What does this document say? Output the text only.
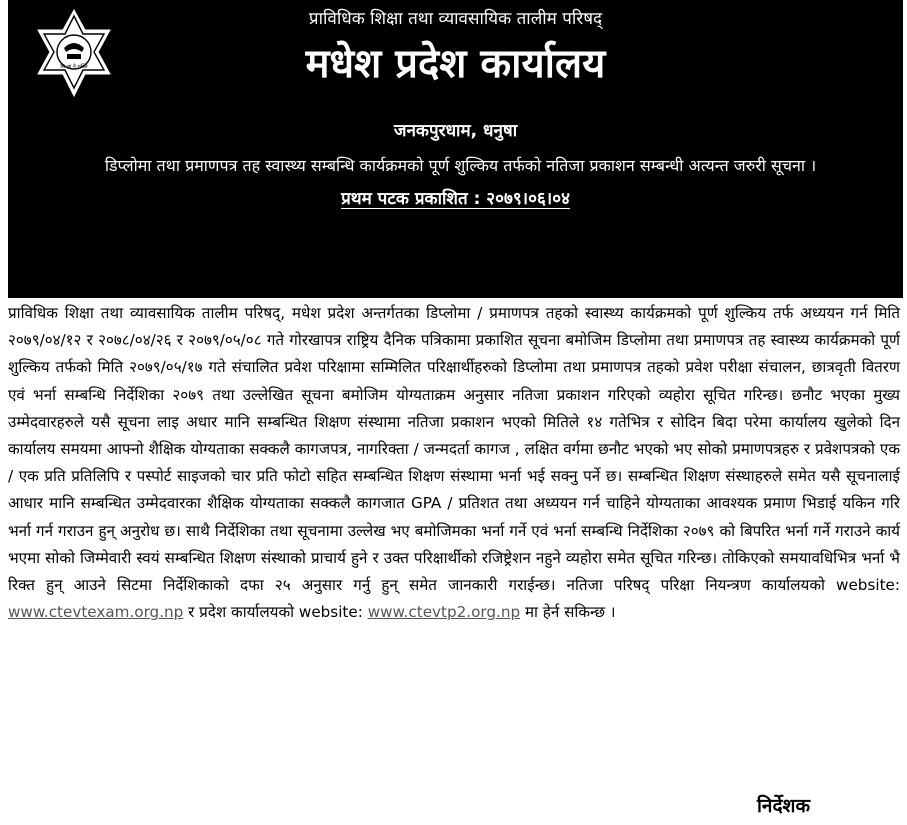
सि क्षा नै शक्ति
प्राविधिक शिक्षा तथा व्यावसायिक तालीम परिषद्
मधेश प्रदेश कार्यालय
जनकपुरधाम, धनुषा
डिप्लोमा तथा प्रमाणपत्र तह स्वास्थ्य सम्बन्धि कार्यक्रमको पूर्ण शुल्किय तर्फको नतिजा प्रकाशन सम्बन्धी अत्यन्त जरुरी सूचना ।
प्रथम पटक प्रकाशित : २०७९।०६।०४

प्राविधिक शिक्षा तथा व्यावसायिक तालीम परिषद्, मधेश प्रदेश अन्तर्गतका डिप्लोमा / प्रमाणपत्र तहको स्वास्थ्य कार्यक्रमको पूर्ण शुल्किय तर्फ अध्ययन गर्न मिति २०७९/०४/१२ र २०७८/०४/२६ र २०७९/०५/०८ गते गोरखापत्र राष्ट्रिय दैनिक पत्रिकामा प्रकाशित सूचना बमोजिम डिप्लोमा तथा प्रमाणपत्र तह स्वास्थ्य कार्यक्रमको पूर्ण शुल्किय तर्फको मिति २०७९/०५/१७ गते संचालित प्रवेश परिक्षामा सम्मिलित परिक्षार्थीहरुको डिप्लोमा तथा प्रमाणपत्र तहको प्रवेश परीक्षा संचालन, छात्रवृती वितरण एवं भर्ना सम्बन्धि निर्देशिका २०७९ तथा उल्लेखित सूचना बमोजिम योग्यताक्रम अनुसार नतिजा प्रकाशन गरिएको व्यहोरा सूचित गरिन्छ। छनौट भएका मुख्य उम्मेदवारहरुले यसै सूचना लाइ अधार मानि सम्बन्धित शिक्षण संस्थामा नतिजा प्रकाशन भएको मितिले १४ गतेभित्र र सोदिन बिदा परेमा कार्यालय खुलेको दिन कार्यालय समयमा आफ्नो शैक्षिक योग्यताका सक्कलै कागजपत्र, नागरिक्ता / जन्मदर्ता कागज , लक्षित वर्गमा छनौट भएको भए सोको प्रमाणपत्रहरु र प्रवेशपत्रको एक / एक प्रति प्रतिलिपि र पस्पोर्ट साइजको चार प्रति फोटो सहित सम्बन्धित शिक्षण संस्थामा भर्ना भई सक्नु पर्ने छ। सम्बन्धित शिक्षण संस्थाहरुले समेत यसै सूचनालाई आधार मानि सम्बन्धित उम्मेदवारका शैक्षिक योग्यताका सक्कलै कागजात GPA / प्रतिशत तथा अध्ययन गर्न चाहिने योग्यताका आवश्यक प्रमाण भिडाई यकिन गरि भर्ना गर्न गराउन हुन् अनुरोध छ। साथै निर्देशिका तथा सूचनामा उल्लेख भए बमोजिमका भर्ना गर्ने एवं भर्ना सम्बन्धि निर्देशिका २०७९ को बिपरित भर्ना गर्ने गराउने कार्य भएमा सोको जिम्मेवारी स्वयं सम्बन्धित शिक्षण संस्थाको प्राचार्य हुने र उक्त परिक्षार्थीको रजिष्ट्रेशन नहुने व्यहोरा समेत सूचित गरिन्छ। तोकिएको समयावधिभित्र भर्ना भै रिक्त हुन् आउने सिटमा निर्देशिकाको दफा २५ अनुसार गर्नु हुन् समेत जानकारी गराईन्छ। नतिजा परिषद् परिक्षा नियन्त्रण कार्यालयको website: www.ctevtexam.org.np र प्रदेश कार्यालयको website: www.ctevtp2.org.np मा हेर्न सकिन्छ ।

निर्देशक
